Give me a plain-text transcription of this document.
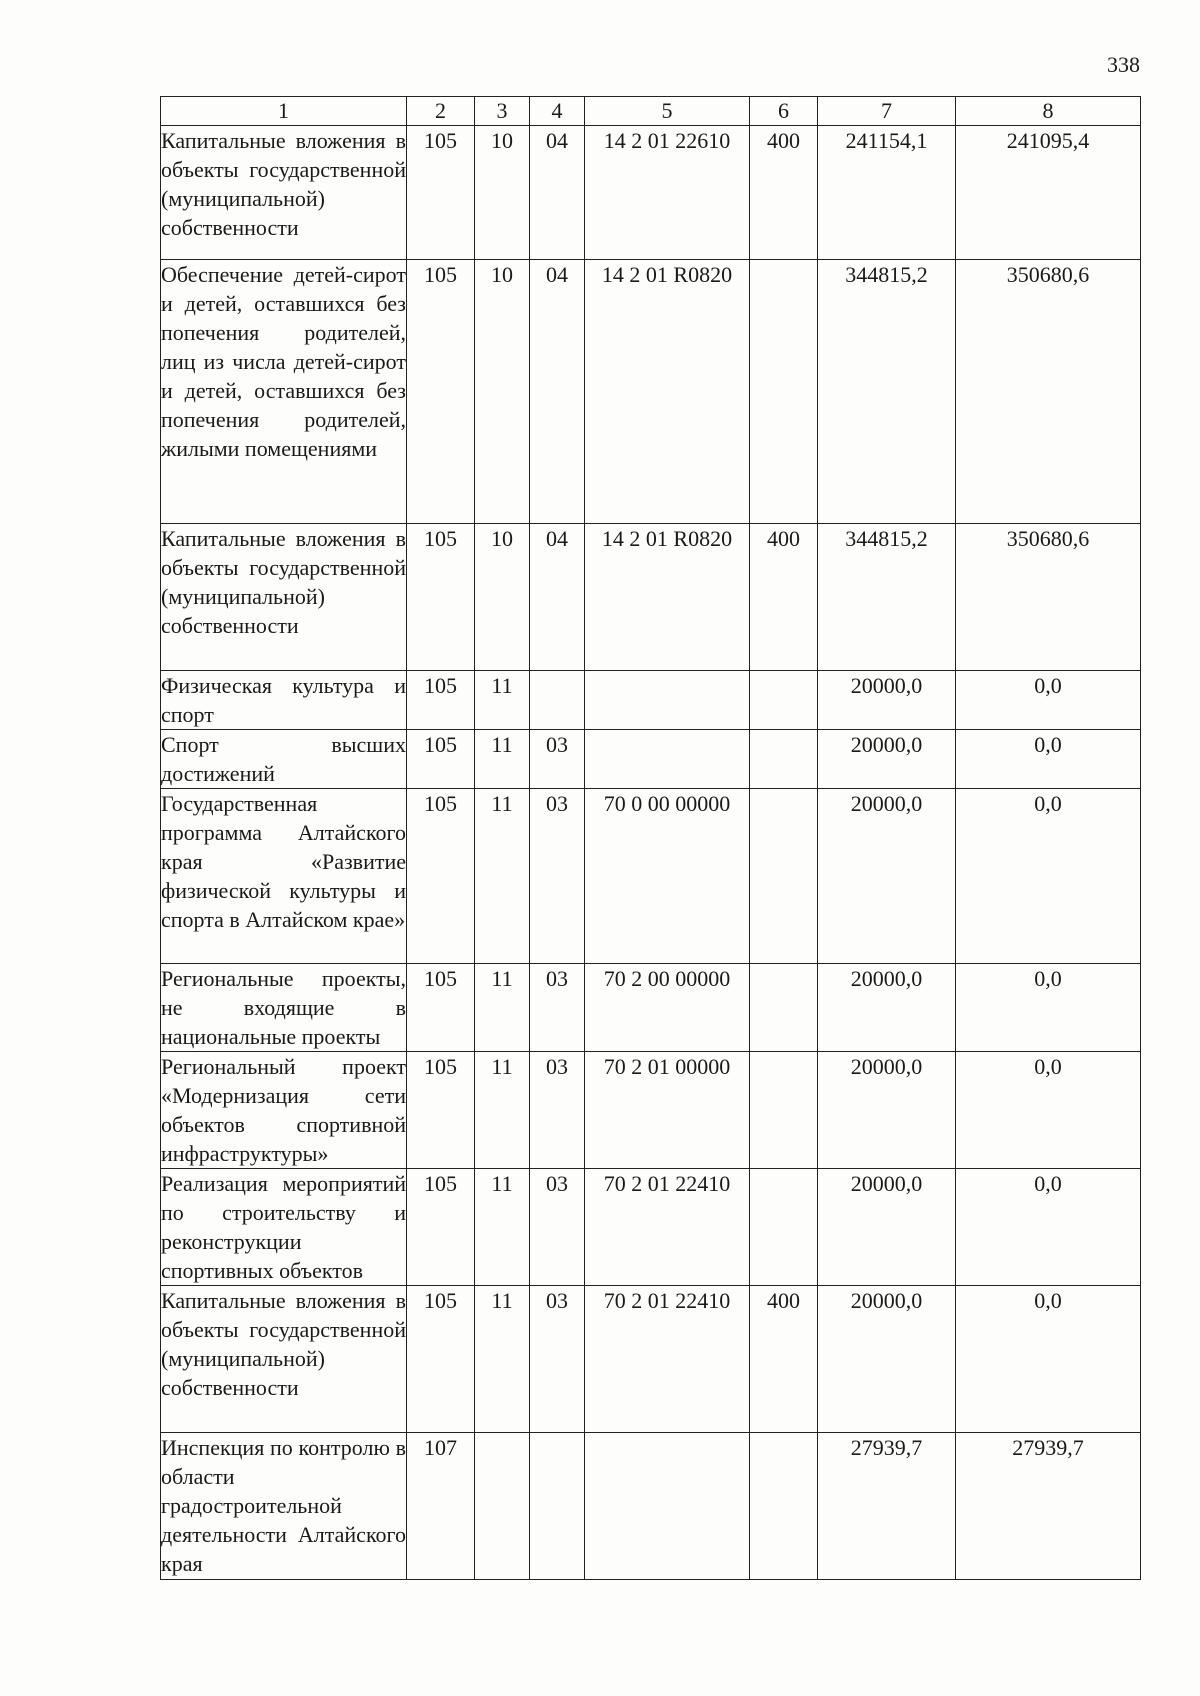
338
1	2	3	4	5	6	7	8
Капитальные вложения в объекты государственной (муниципальной) собственности	105	10	04	14 2 01 22610	400	241154,1	241095,4
Обеспечение детей-сирот и детей, оставшихся без попечения родителей, лиц из числа детей-сирот и детей, оставшихся без попечения родителей, жилыми помещениями	105	10	04	14 2 01 R0820		344815,2	350680,6
Капитальные вложения в объекты государственной (муниципальной) собственности	105	10	04	14 2 01 R0820	400	344815,2	350680,6
Физическая культура и спорт	105	11				20000,0	0,0
Спорт высших достижений	105	11	03			20000,0	0,0
Государственная программа Алтайского края «Развитие физической культуры и спорта в Алтайском крае»	105	11	03	70 0 00 00000		20000,0	0,0
Региональные проекты, не входящие в национальные проекты	105	11	03	70 2 00 00000		20000,0	0,0
Региональный проект «Модернизация сети объектов спортивной инфраструктуры»	105	11	03	70 2 01 00000		20000,0	0,0
Реализация мероприятий по строительству и реконструкции спортивных объектов	105	11	03	70 2 01 22410		20000,0	0,0
Капитальные вложения в объекты государственной (муниципальной) собственности	105	11	03	70 2 01 22410	400	20000,0	0,0
Инспекция по контролю в области градостроительной деятельности Алтайского края	107					27939,7	27939,7
